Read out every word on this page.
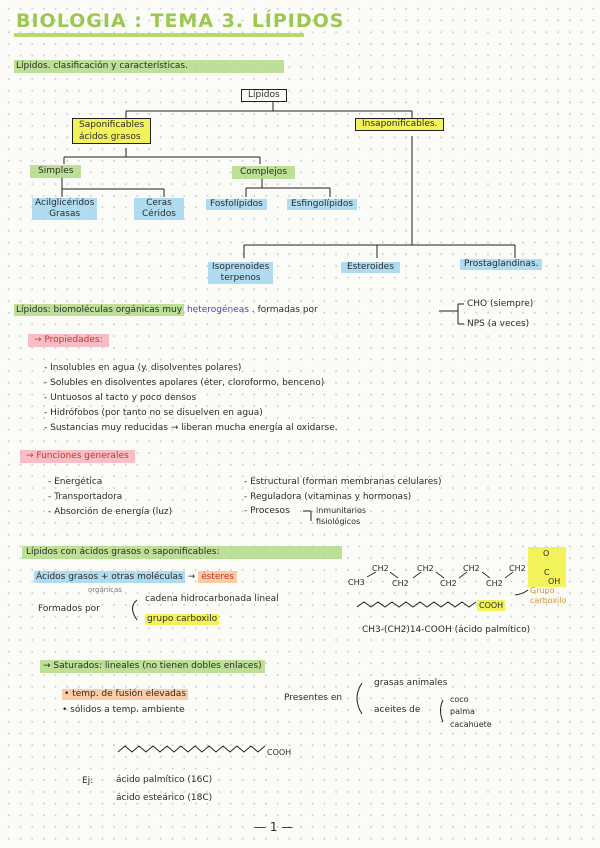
BIOLOGIA : TEMA 3. LÍPIDOS
Lípidos. clasificación y características.
Lípidos
Saponificables
ácidos grasos
Insaponificables.
Simples	Complejos
Acilglicéridos
Grasas
Ceras
Céridos
Fosfolípidos	Esfingolípidos
Isoprenoides
terpenos
Esteroides	Prostaglandinas.
Lípidos: biomoléculas orgánicas muy heterogéneas . formadas por
CHO (siempre)
NPS (a veces)
→ Propiedades:
- Insolubles en agua (y. disolventes polares)
- Solubles en disolventes apolares (éter, cloroformo, benceno)
- Untuosos al tacto y poco densos
- Hidrófobos (por tanto no se disuelven en agua)
- Sustancias muy reducidas → liberan mucha energía al oxidarse.
→ Funciones generales
- Energética
- Transportadora
- Absorción de energía (luz)
- Estructural (forman membranas celulares)
- Reguladora (vitaminas y hormonas)
- Procesos	inmunitarios
fisiológicos
Lípidos con ácidos grasos o saponificables:
Ácidos grasos + otras moléculas → ésteres
orgánicas
Formados por
cadena hidrocarbonada lineal
grupo carboxilo
O
C
OH
CH3
CH2
CH2
CH2
CH2
CH2
CH2
CH2
COOH
Grupo
carboxilo
CH3-(CH2)14-COOH (ácido palmítico)
→ Saturados: lineales (no tienen dobles enlaces)
• temp. de fusión elevadas
• sólidos a temp. ambiente
Presentes en
grasas animales
aceites de
coco
palma
cacahuete
COOH
Ej:	ácido palmítico (16C)
ácido esteárico (18C)
— 1 —
